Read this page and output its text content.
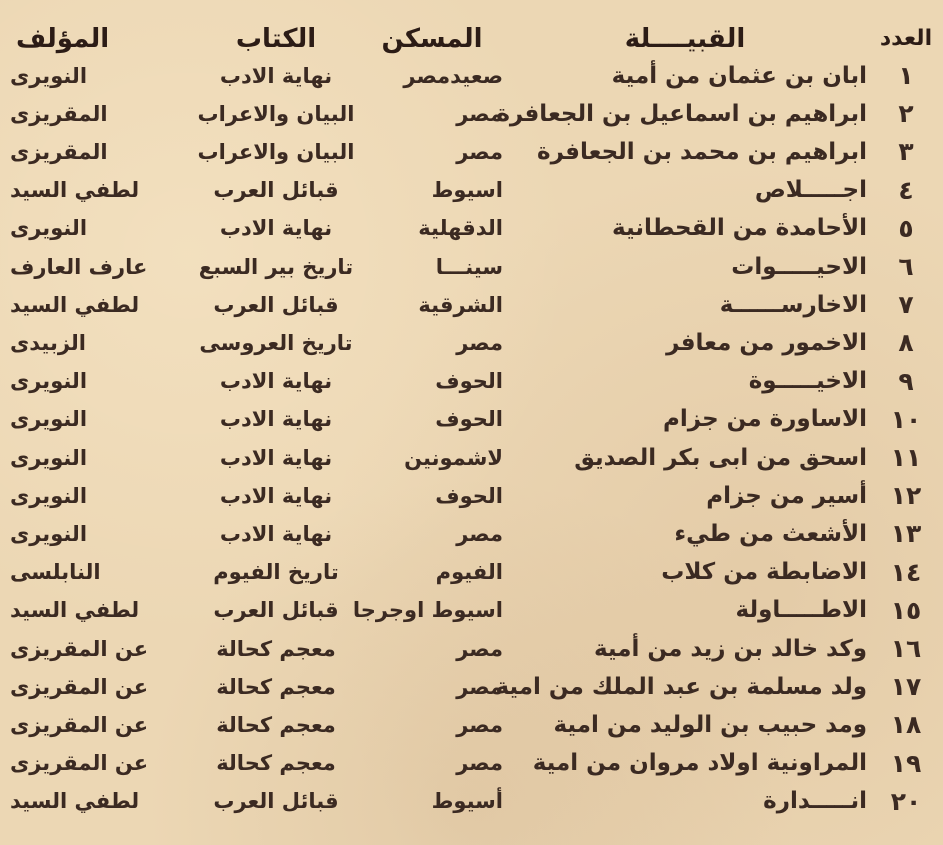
العدد
القبيــــلة
المسكن
الكتاب
المؤلف
١
ابان بن عثمان من أمية
صعيدمصر
نهاية الادب
النويرى
٢
ابراهيم بن اسماعيل بن الجعافرة
مصر
البيان والاعراب
المقريزى
٣
ابراهيم بن محمد بن الجعافرة
مصر
البيان والاعراب
المقريزى
٤
اجـــــلاص
اسيوط
قبائل العرب
لطفي السيد
٥
الأحامدة من القحطانية
الدقهلية
نهاية الادب
النويرى
٦
الاحيـــــوات
سينـــا
تاريخ بير السبع
عارف العارف
٧
الاخارســــــة
الشرقية
قبائل العرب
لطفي السيد
٨
الاخمور من معافر
مصر
تاريخ العروسى
الزبيدى
٩
الاخيـــــوة
الحوف
نهاية الادب
النويرى
١٠
الاساورة من جزام
الحوف
نهاية الادب
النويرى
١١
اسحق من ابى بكر الصديق
لاشمونين
نهاية الادب
النويرى
١٢
أسير من جزام
الحوف
نهاية الادب
النويرى
١٣
الأشعث من طيء
مصر
نهاية الادب
النويرى
١٤
الاضابطة من كلاب
الفيوم
تاريخ الفيوم
النابلسى
١٥
الاطـــــاولة
اسيوط اوجرجا
قبائل العرب
لطفي السيد
١٦
وكد خالد بن زيد من أمية
مصر
معجم كحالة
عن المقريزى
١٧
ولد مسلمة بن عبد الملك من امية
مصر
معجم كحالة
عن المقريزى
١٨
ومد حبيب بن الوليد من امية
مصر
معجم كحالة
عن المقريزى
١٩
المراونية اولاد مروان من امية
مصر
معجم كحالة
عن المقريزى
٢٠
انـــــدارة
أسيوط
قبائل العرب
لطفي السيد
